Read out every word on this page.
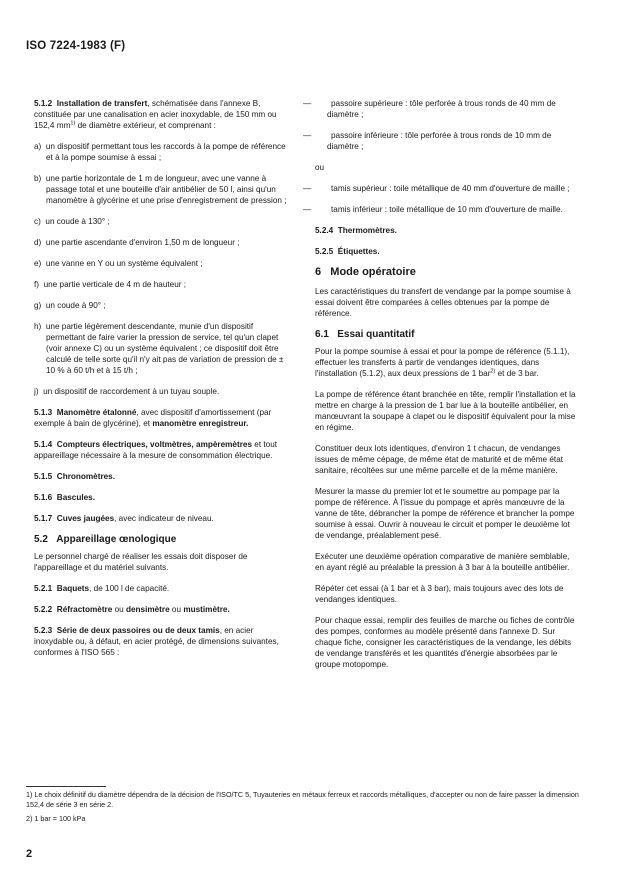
ISO 7224-1983 (F)

5.1.2 Installation de transfert, schématisée dans l'annexe B, constituée par une canalisation en acier inoxydable, de 150 mm ou 152,4 $mm^{1)}$ de diamètre extérieur, et comprenant :

a) un dispositif permettant tous les raccords à la pompe de référence et à la pompe soumise à essai ;
b) une partie horizontale de 1 m de longueur, avec une vanne à passage total et une bouteille d'air antibélier de 50 l, ainsi qu'un manomètre à glycérine et une prise d'enregistrement de pression ;
c) un coude à 130° ;
d) une partie ascendante d'environ 1,50 m de longueur ;
e) une vanne en Y ou un système équivalent ;
f) une partie verticale de 4 m de hauteur ;
g) un coude à 90° ;
h) une partie légèrement descendante, munie d'un dispositif permettant de faire varier la pression de service, tel qu'un clapet (voir annexe C) ou un système équivalent ; ce dispositif doit être calculé de telle sorte qu'il n'y ait pas de variation de pression de ± 10 % à 60 t/h et à 15 t/h ;
j) un dispositif de raccordement à un tuyau souple.

5.1.3 Manomètre étalonné, avec dispositif d'amortissement (par exemple à bain de glycérine), et manomètre enregistreur.

5.1.4 Compteurs électriques, voltmètres, ampèremètres et tout appareillage nécessaire à la mesure de consommation électrique.

5.1.5 Chronomètres.

5.1.6 Bascules.

5.1.7 Cuves jaugées, avec indicateur de niveau.

5.2 Appareillage œnologique

Le personnel chargé de réaliser les essais doit disposer de l'appareillage et du matériel suivants.

5.2.1 Baquets, de 100 l de capacité.

5.2.2 Réfractomètre ou densimètre ou mustimètre.

5.2.3 Série de deux passoires ou de deux tamis, en acier inoxydable ou, à défaut, en acier protégé, de dimensions suivantes, conformes à l'ISO 565 :

— passoire supérieure : tôle perforée à trous ronds de 40 mm de diamètre ;
— passoire inférieure : tôle perforée à trous ronds de 10 mm de diamètre ;

ou

— tamis supérieur : toile métallique de 40 mm d'ouverture de maille ;
— tamis inférieur : toile métallique de 10 mm d'ouverture de maille.

5.2.4 Thermomètres.

5.2.5 Étiquettes.

6 Mode opératoire

Les caractéristiques du transfert de vendange par la pompe soumise à essai doivent être comparées à celles obtenues par la pompe de référence.

6.1 Essai quantitatif

Pour la pompe soumise à essai et pour la pompe de référence (5.1.1), effectuer les transferts à partir de vendanges identiques, dans l'installation (5.1.2), aux deux pressions de 1 bar$^{2)}$ et de 3 bar.

La pompe de référence étant branchée en tête, remplir l'installation et la mettre en charge à la pression de 1 bar lue à la bouteille antibélier, en manœuvrant la soupape à clapet ou le dispositif équivalent pour la mise en régime.

Constituer deux lots identiques, d'environ 1 t chacun, de vendanges issues de même cépage, de même état de maturité et de même état sanitaire, récoltées sur une même parcelle et de la même manière.

Mesurer la masse du premier lot et le soumettre au pompage par la pompe de référence. À l'issue du pompage et après manœuvre de la vanne de tête, débrancher la pompe de référence et brancher la pompe soumise à essai. Ouvrir à nouveau le circuit et pomper le deuxième lot de vendange, préalablement pesé.

Exécuter une deuxième opération comparative de manière semblable, en ayant réglé au préalable la pression à 3 bar à la bouteille antibélier.

Répéter cet essai (à 1 bar et à 3 bar), mais toujours avec des lots de vendanges identiques.

Pour chaque essai, remplir des feuilles de marche ou fiches de contrôle des pompes, conformes au modèle présenté dans l'annexe D. Sur chaque fiche, consigner les caractéristiques de la vendange, les débits de vendange transférés et les quantités d'énergie absorbées par le groupe motopompe.

1) Le choix définitif du diamètre dépendra de la décision de l'ISO/TC 5, Tuyauteries en métaux ferreux et raccords métalliques, d'accepter ou non de faire passer la dimension 152,4 de série 3 en série 2.
2) 1 bar = 100 kPa
2
